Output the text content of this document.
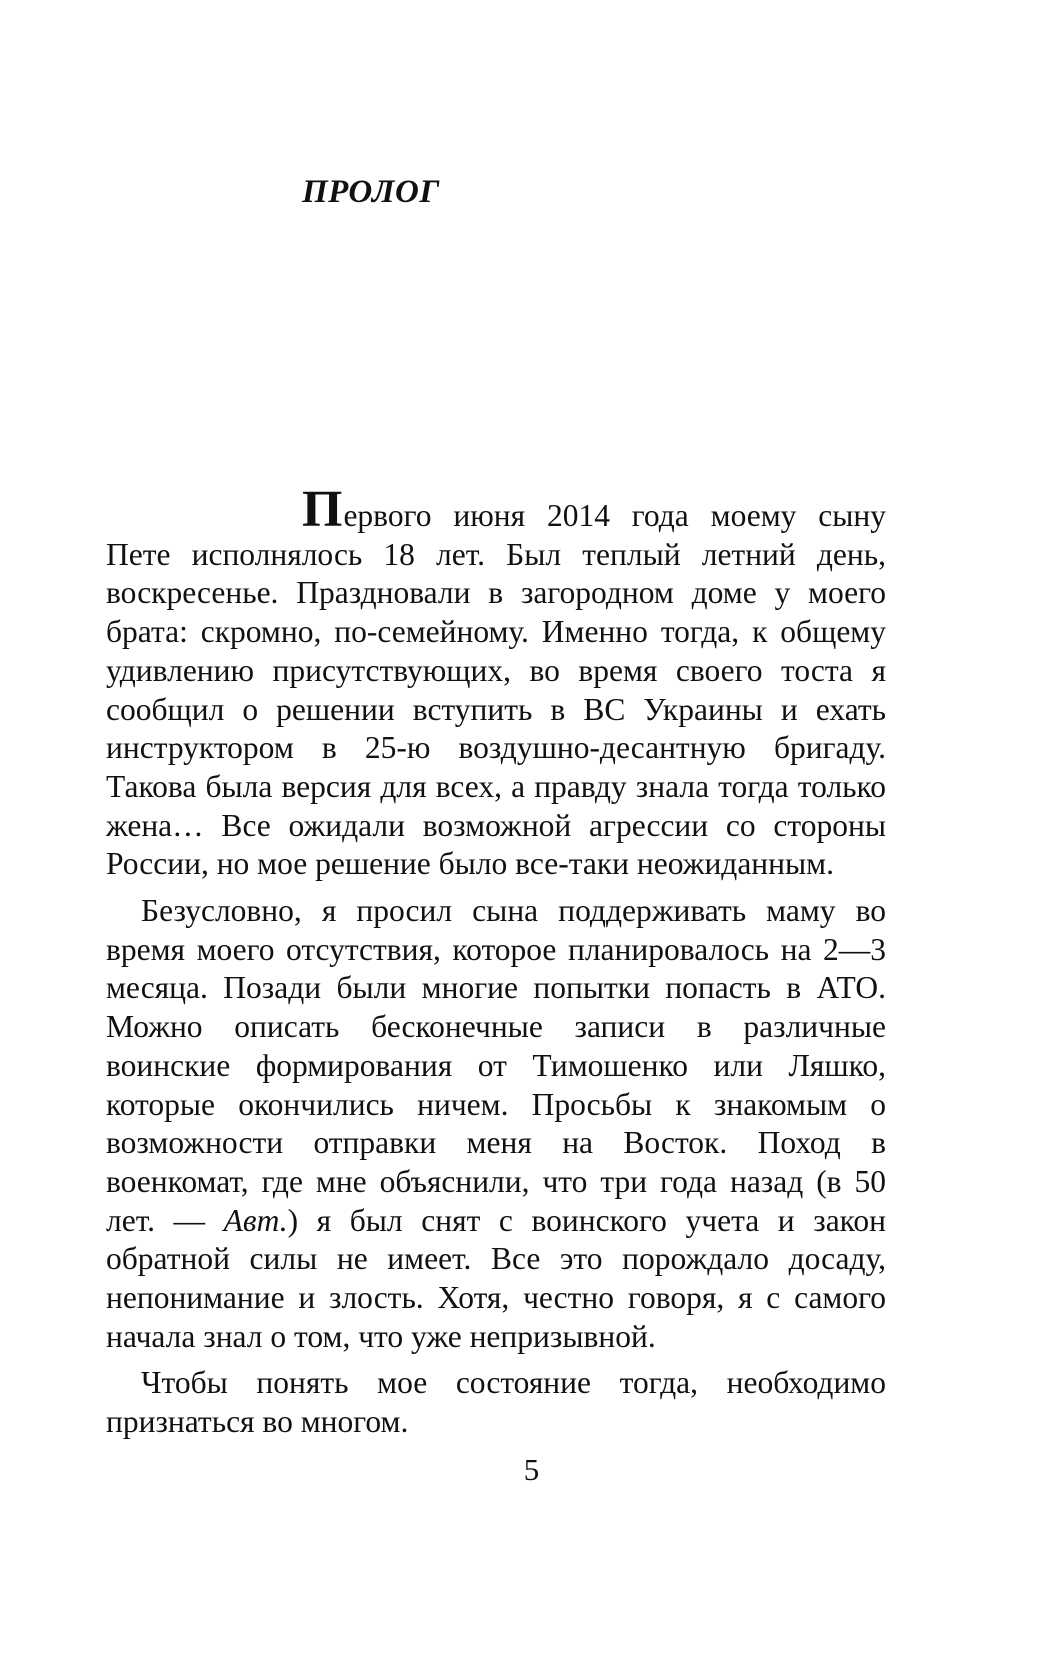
ПРОЛОГ

Первого июня 2014 года моему сыну Пете исполнялось 18 лет. Был теплый летний день, воскресенье. Праздновали в загородном доме у моего брата: скромно, по-семейному. Именно тогда, к общему удивлению присутствующих, во время своего тоста я сообщил о решении вступить в ВС Украины и ехать инструктором в 25-ю воздушно-десантную бригаду. Такова была версия для всех, а правду знала тогда только жена… Все ожидали возможной агрессии со стороны России, но мое решение было все-таки неожиданным.

Безусловно, я просил сына поддерживать маму во время моего отсутствия, которое планировалось на 2—3 месяца. Позади были многие попытки попасть в АТО. Можно описать бесконечные записи в различные воинские формирования от Тимошенко или Ляшко, которые окончились ничем. Просьбы к знакомым о возможности отправки меня на Восток. Поход в военкомат, где мне объяснили, что три года назад (в 50 лет. — Авт.) я был снят с воинского учета и закон обратной силы не имеет. Все это порождало досаду, непонимание и злость. Хотя, честно говоря, я с самого начала знал о том, что уже непризывной.

Чтобы понять мое состояние тогда, необходимо признаться во многом.

5
